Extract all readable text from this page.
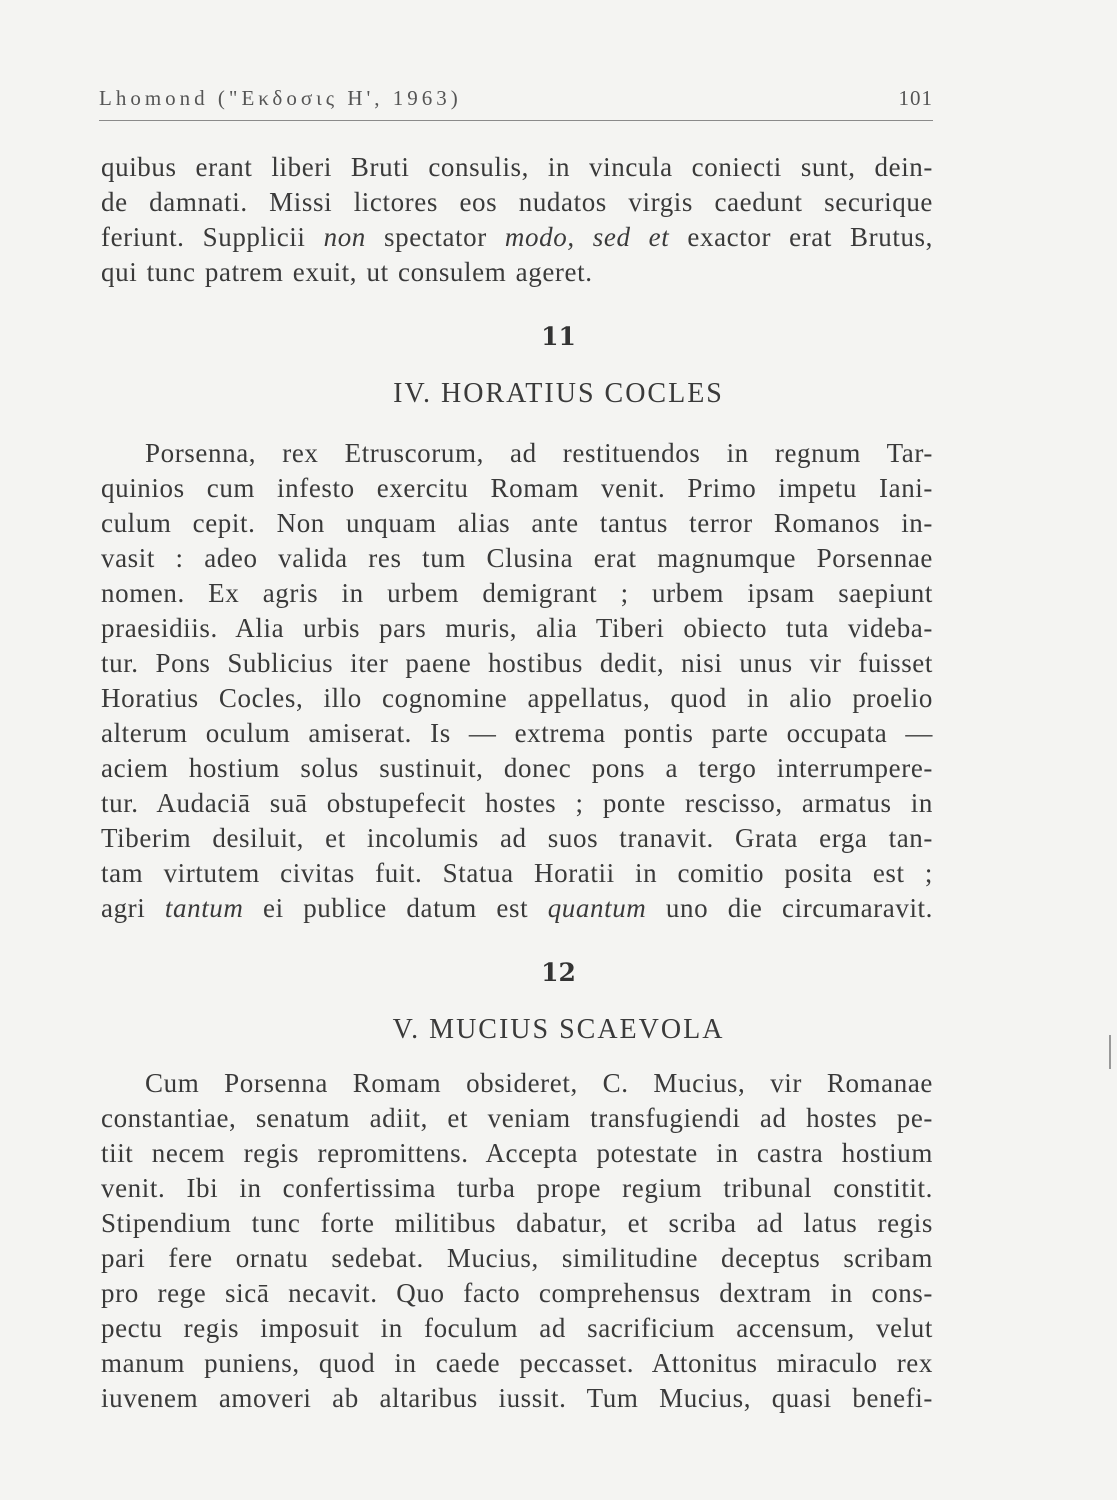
Lhomond ("Εκδοσις Η', 1963)	101
quibus erant liberi Bruti consulis, in vincula coniecti sunt, dein-
de damnati. Missi lictores eos nudatos virgis caedunt securique
feriunt. Supplicii non spectator modo, sed et exactor erat Brutus,
qui tunc patrem exuit, ut consulem ageret.
11
IV. HORATIUS COCLES
Porsenna, rex Etruscorum, ad restituendos in regnum Tar-
quinios cum infesto exercitu Romam venit. Primo impetu Iani-
culum cepit. Non unquam alias ante tantus terror Romanos in-
vasit : adeo valida res tum Clusina erat magnumque Porsennae
nomen. Ex agris in urbem demigrant ; urbem ipsam saepiunt
praesidiis. Alia urbis pars muris, alia Tiberi obiecto tuta videba-
tur. Pons Sublicius iter paene hostibus dedit, nisi unus vir fuisset
Horatius Cocles, illo cognomine appellatus, quod in alio proelio
alterum oculum amiserat. Is — extrema pontis parte occupata —
aciem hostium solus sustinuit, donec pons a tergo interrumpere-
tur. Audaciā suā obstupefecit hostes ; ponte rescisso, armatus in
Tiberim desiluit, et incolumis ad suos tranavit. Grata erga tan-
tam virtutem civitas fuit. Statua Horatii in comitio posita est ;
agri tantum ei publice datum est quantum uno die circumaravit.
12
V. MUCIUS SCAEVOLA
Cum Porsenna Romam obsideret, C. Mucius, vir Romanae
constantiae, senatum adiit, et veniam transfugiendi ad hostes pe-
tiit necem regis repromittens. Accepta potestate in castra hostium
venit. Ibi in confertissima turba prope regium tribunal constitit.
Stipendium tunc forte militibus dabatur, et scriba ad latus regis
pari fere ornatu sedebat. Mucius, similitudine deceptus scribam
pro rege sicā necavit. Quo facto comprehensus dextram in cons-
pectu regis imposuit in foculum ad sacrificium accensum, velut
manum puniens, quod in caede peccasset. Attonitus miraculo rex
iuvenem amoveri ab altaribus iussit. Tum Mucius, quasi benefi-
